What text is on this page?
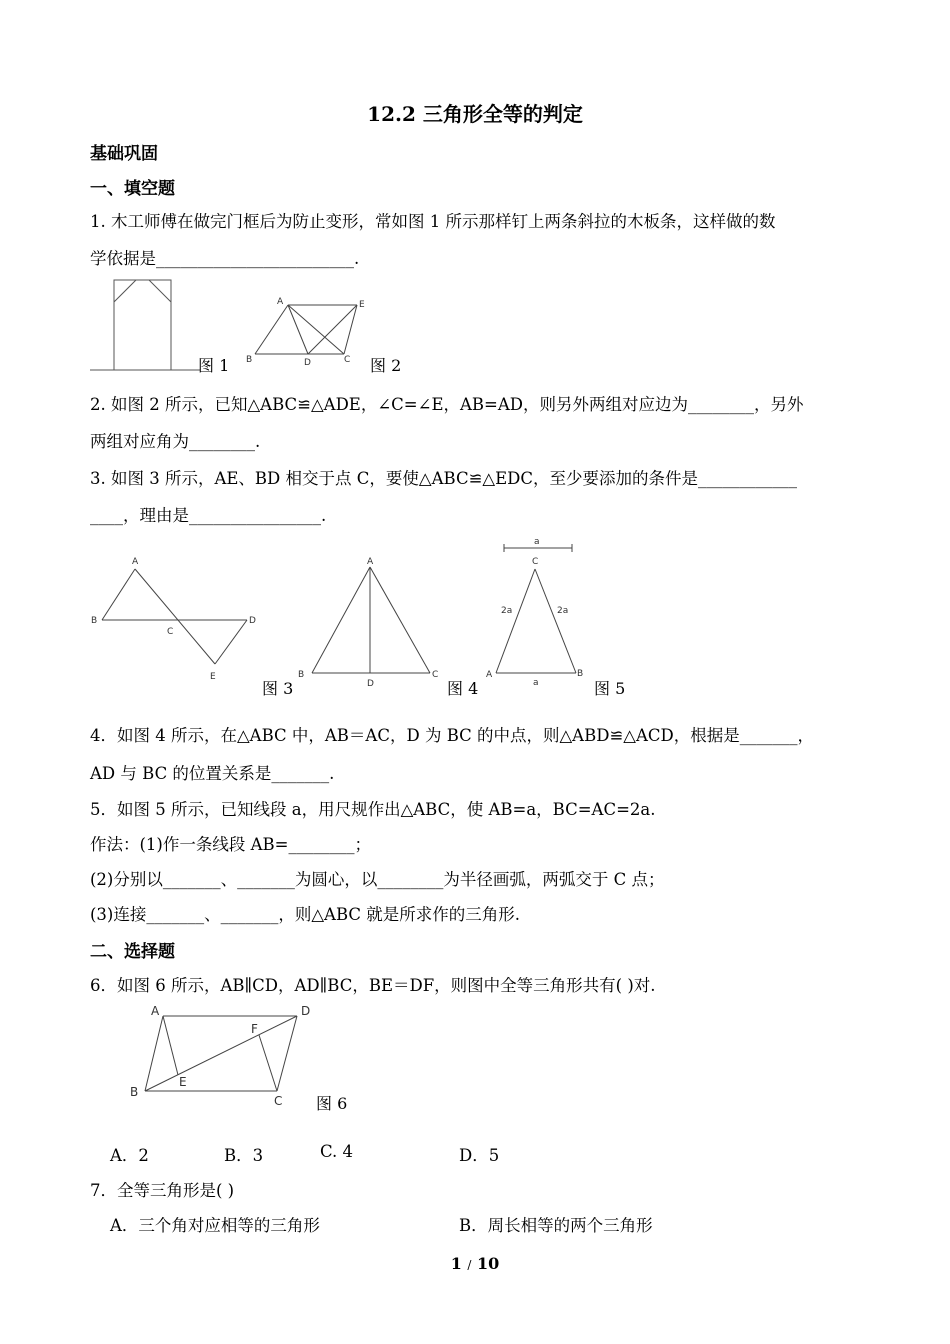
12.2 三角形全等的判定
基础巩固
一、填空题
1. 木工师傅在做完门框后为防止变形，常如图 1 所示那样钉上两条斜拉的木板条，这样做的数
学依据是________________________.
图 1
A	E
B	D	C 图 2
2. 如图 2 所示，已知△ABC≌△ADE，∠C=∠E，AB=AD，则另外两组对应边为________，另外
两组对应角为________.
3. 如图 3 所示，AE、BD 相交于点 C，要使△ABC≌△EDC，至少要添加的条件是____________
____，理由是________________.
A
B
C
D
E
图 3
A
B
D
C
图 4
a
C
2a	2a
A
a
B
图 5
4．如图 4 所示，在△ABC 中，AB＝AC，D 为 BC 的中点，则△ABD≌△ACD，根据是_______，
AD 与 BC 的位置关系是_______.
5．如图 5 所示，已知线段 a，用尺规作出△ABC，使 AB=a，BC=AC=2a.
作法：(1)作一条线段 AB=________；
(2)分别以_______、_______为圆心，以________为半径画弧，两弧交于 C 点；
(3)连接_______、_______，则△ABC 就是所求作的三角形.
二、选择题
6．如图 6 所示，AB∥CD，AD∥BC，BE＝DF，则图中全等三角形共有( )对.
A	D
F
E
B
C 图 6
A．2	B．3	C. 4	D．5
7．全等三角形是( )
A．三个角对应相等的三角形	B．周长相等的两个三角形
1 / 10
